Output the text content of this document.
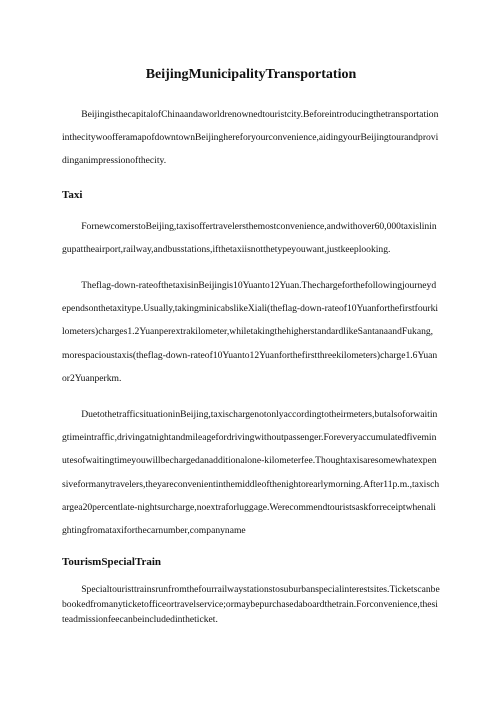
BeijingMunicipalityTransportation

BeijingisthecapitalofChinaandaworldrenownedtouristcity.BeforeintroducingthetransportationinthecitywoofferamapofdowntownBeijinghereforyourconvenience,aidingyourBeijingtourandprovidinganimpressionofthecity.

Taxi

FornewcomerstoBeijing,taxisoffertravelersthemostconvenience,andwithover60,000taxisliningupattheairport,railway,andbusstations,ifthetaxiisnotthetypeyouwant,justkeeplooking.

Theflag-down-rateofthetaxisinBeijingis10Yuanto12Yuan.Thechargeforthefollowingjourneydependsonthetaxitype.Usually,takingminicabslikeXiali(theflag-down-rateof10Yuanforthefirstfourkilometers)charges1.2Yuanperextrakilometer,whiletakingthehigherstandardlikeSantanaandFukang,morespacioustaxis(theflag-down-rateof10Yuanto12Yuanforthefirstthreekilometers)charge1.6Yuanor2Yuanperkm.

DuetothetrafficsituationinBeijing,taxischargenotonlyaccordingtotheirmeters,butalsoforwaitingtimeintraffic,drivingatnightandmileagefordrivingwithoutpassenger.Foreveryaccumulatedfiveminutesofwaitingtimeyouwillbechargedanadditionalone-kilometerfee.Thoughtaxisaresomewhatexpensiveformanytravelers,theyareconvenientinthemiddleofthenightorearlymorning.After11p.m.,taxischargea20percentlate-nightsurcharge,noextraforluggage.Werecommendtouristsaskforreceiptwhenalightingfromataxiforthecarnumber,companyname

TourismSpecialTrain

Specialtouristtrainsrunfromthefourrailwaystationstosuburbanspecialinterestsites.Ticketscanbebookedfromanyticketofficeortravelservice;ormaybepurchasedaboardthetrain.Forconvenience,thesiteadmissionfeecanbeincludedintheticket.
